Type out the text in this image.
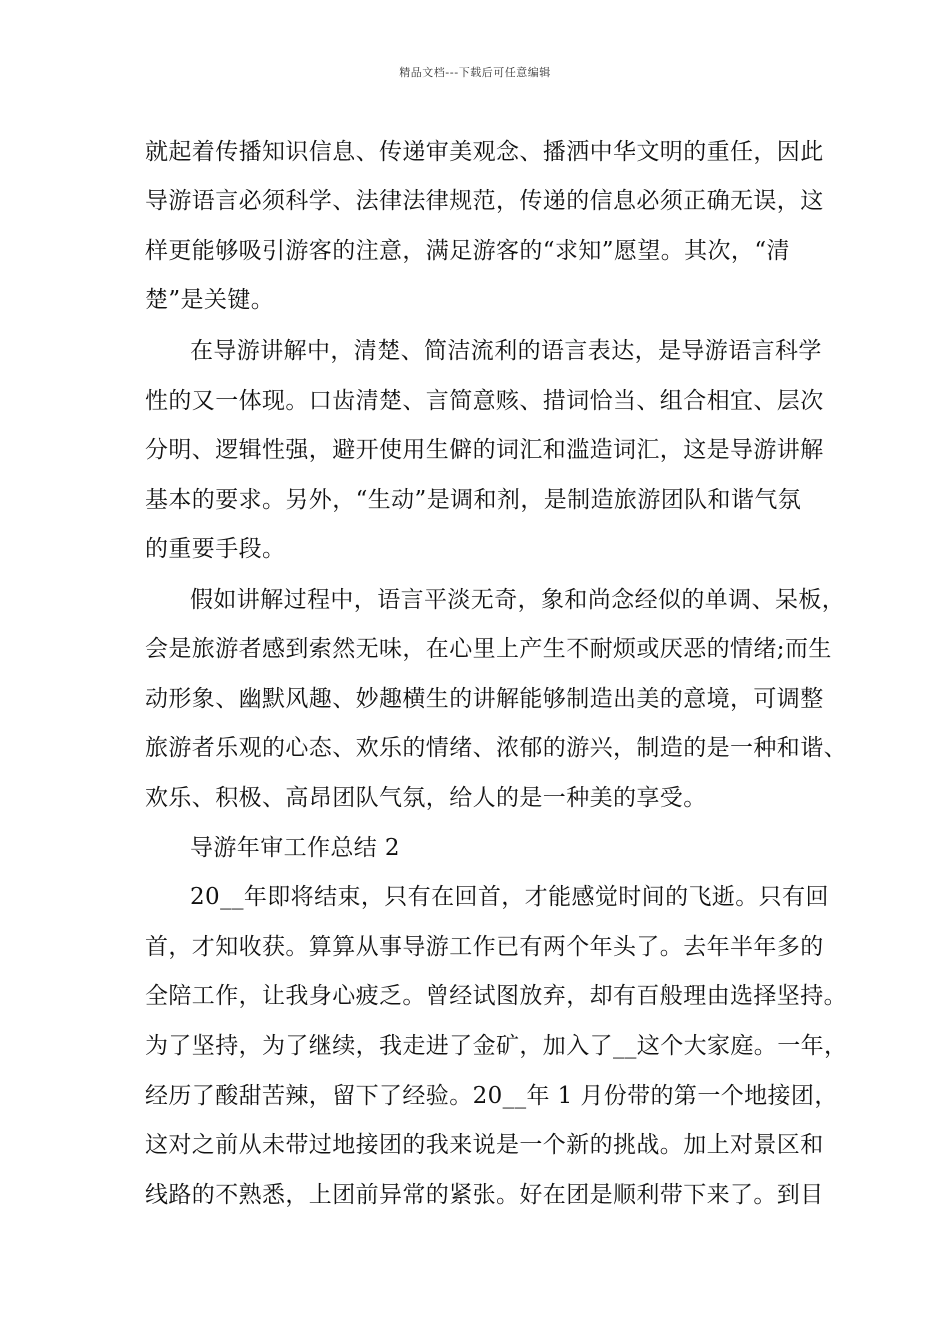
精品文档---下载后可任意编辑
就起着传播知识信息、传递审美观念、播洒中华文明的重任，因此
导游语言必须科学、法律法律规范，传递的信息必须正确无误，这
样更能够吸引游客的注意，满足游客的“求知”愿望。其次，“清
楚”是关键。
在导游讲解中，清楚、简洁流利的语言表达，是导游语言科学
性的又一体现。口齿清楚、言简意赅、措词恰当、组合相宜、层次
分明、逻辑性强，避开使用生僻的词汇和滥造词汇，这是导游讲解
基本的要求。另外，“生动”是调和剂，是制造旅游团队和谐气氛
的重要手段。
假如讲解过程中，语言平淡无奇，象和尚念经似的单调、呆板，
会是旅游者感到索然无味，在心里上产生不耐烦或厌恶的情绪;而生
动形象、幽默风趣、妙趣横生的讲解能够制造出美的意境，可调整
旅游者乐观的心态、欢乐的情绪、浓郁的游兴，制造的是一种和谐、
欢乐、积极、高昂团队气氛，给人的是一种美的享受。
导游年审工作总结 2
20__年即将结束，只有在回首，才能感觉时间的飞逝。只有回
首，才知收获。算算从事导游工作已有两个年头了。去年半年多的
全陪工作，让我身心疲乏。曾经试图放弃，却有百般理由选择坚持。
为了坚持，为了继续，我走进了金矿，加入了__这个大家庭。一年，
经历了酸甜苦辣，留下了经验。20__年 1 月份带的第一个地接团，
这对之前从未带过地接团的我来说是一个新的挑战。加上对景区和
线路的不熟悉，上团前异常的紧张。好在团是顺利带下来了。到目
